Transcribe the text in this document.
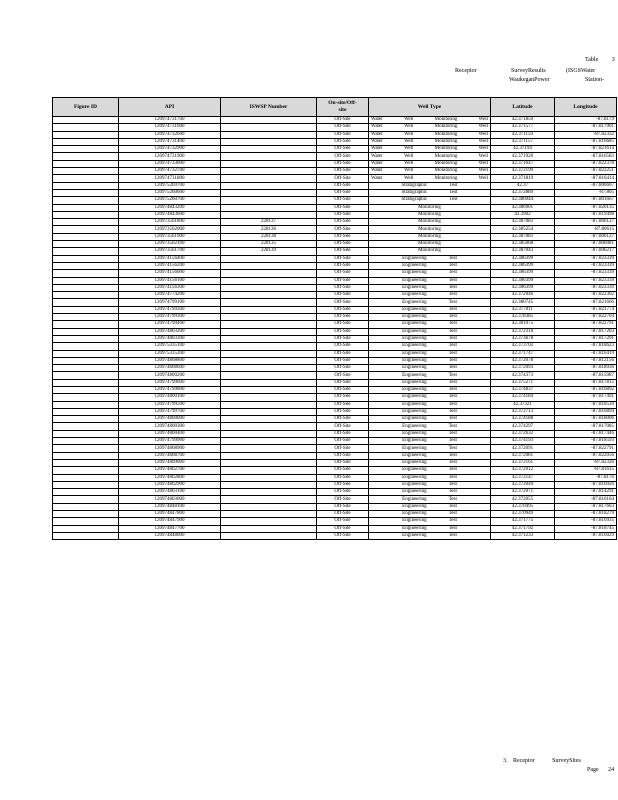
Table 3
Receptor	SurveyResults	(ISGSWater
WaukeganPower	Station-
Figure ID	API	ISWSP Number	On-site/Off-
site	Well Type	Latitude	Longitude
	120974731700		Off-Site	Water Well Monitoring Well	42.371859	-87.8179
	120974731600		Off-Site	Water Well Monitoring Well	42.371577	-87.817901
	120974732600		Off-Site	Water Well Monitoring Well	42.371159	-87.82332
	120974731400		Off-Site	Water Well Monitoring Well	42.371157	-87.816685
	120974732900		Off-Site	Water Well Monitoring Well	42.37194	-87.821614
	120974731900		Off-Site	Water Well Monitoring Well	42.371926	-87.816583
	120974733000		Off-Site	Water Well Monitoring Well	42.371647	-87.822378
	120974732700		Off-Site	Water Well Monitoring Well	42.372199	-87.822251
	120974731800		Off-Site	Water Well Monitoring Well	42.371819	-87.816414
	120975269700		Off-Site	Stratigraphic Test	42.37	-87.806667
	120975260600		Off-Site	Stratigraphic Test	42.372889	-87.805
	120975260700		Off-Site	Stratigraphic Test	42.386944	-87.801667
	120974843200		Off-Site	Monitoring	42.386901	-87.820135
	120974843600		Off-Site	Monitoring	42.3902	-87.819498
	120973561800	228137	Off-Site	Monitoring	42.387083	-87.806127
	120973562000	228136	Off-Site	Monitoring	42.385254	-87.80615
	120973561900	228138	Off-Site	Monitoring	42.387083	-87.806127
	120973562100	228135	Off-Site	Monitoring	42.385068	-87.806081
	120973561700	228139	Off-Site	Monitoring	42.387043	-87.806217
	120974156400		Off-Site	Engineering Test	42.386399	-87.823339
	120974156200		Off-Site	Engineering Test	42.386399	-87.823339
	120974156000		Off-Site	Engineering Test	42.386399	-87.823339
	120974156100		Off-Site	Engineering Test	42.386399	-87.823339
	120974156300		Off-Site	Engineering Test	42.386399	-87.823339
	120974774200		Off-Site	Engineering Test	42.372046	-87.822302
	120974799100		Off-Site	Engineering Test	42.380745	-87.821666
	120974799200		Off-Site	Engineering Test	42.377011	-87.821774
	120974799300		Off-Site	Engineering Test	42.378385	-87.822704
	120974799400		Off-Site	Engineering Test	42.381075	-87.822791
	120974803200		Off-Site	Engineering Test	42.372318	-87.817203
	120974803300		Off-Site	Engineering Test	42.373678	-87.817201
	120975335100		Off-Site	Engineering Test	42.373702	-87.818623
	120975335200		Off-Site	Engineering Test	42.371747	-87.816419
	120974808800		Off-Site	Engineering Test	42.372078	-87.812156
	120974808600		Off-Site	Engineering Test	42.372093	-87.818936
	120974800200		Off-Site	Engineering Test	42.374373	-87.815987
	120974799600		Off-Site	Engineering Test	42.375271	-87.817815
	120974799800		Off-Site	Engineering Test	42.374837	-87.816892
	120974800100		Off-Site	Engineering Test	42.374184	-87.817491
	120974799500		Off-Site	Engineering Test	42.37321	-87.818539
	120974799700		Off-Site	Engineering Test	42.372713	-87.816894
	120974800000		Off-Site	Engineering Test	42.374188	-87.818006
	120974800300		Off-Site	Engineering Test	42.374297	-87.817085
	120974800400		Off-Site	Engineering Test	42.372632	-87.817446
	120974799900		Off-Site	Engineering Test	42.374193	-87.818593
	120974808900		Off-Site	Engineering Test	42.372091	-87.822791
	120974808700		Off-Site	Engineering Test	42.372081	-87.822056
	120974809000		Off-Site	Engineering Test	42.372161	-87.82326
	120974802700		Off-Site	Engineering Test	42.372912	-87.81615
	120974802800		Off-Site	Engineering Test	42.372147	-87.8176
	120974802900		Off-Site	Engineering Test	42.372049	-87.816926
	120974803100		Off-Site	Engineering Test	42.372071	-87.814291
	120974803000		Off-Site	Engineering Test	42.372055	-87.816164
	120974848100		Off-Site	Engineering Test	42.370495	-87.817663
	120974847800		Off-Site	Engineering Test	42.370949	-87.818279
	120974847900		Off-Site	Engineering Test	42.371775	-87.816935
	120974847700		Off-Site	Engineering Test	42.371792	-87.818745
	120974848000		Off-Site	Engineering Test	42.371233	-87.816029
3. Receptor	SurveySites
Page 24
